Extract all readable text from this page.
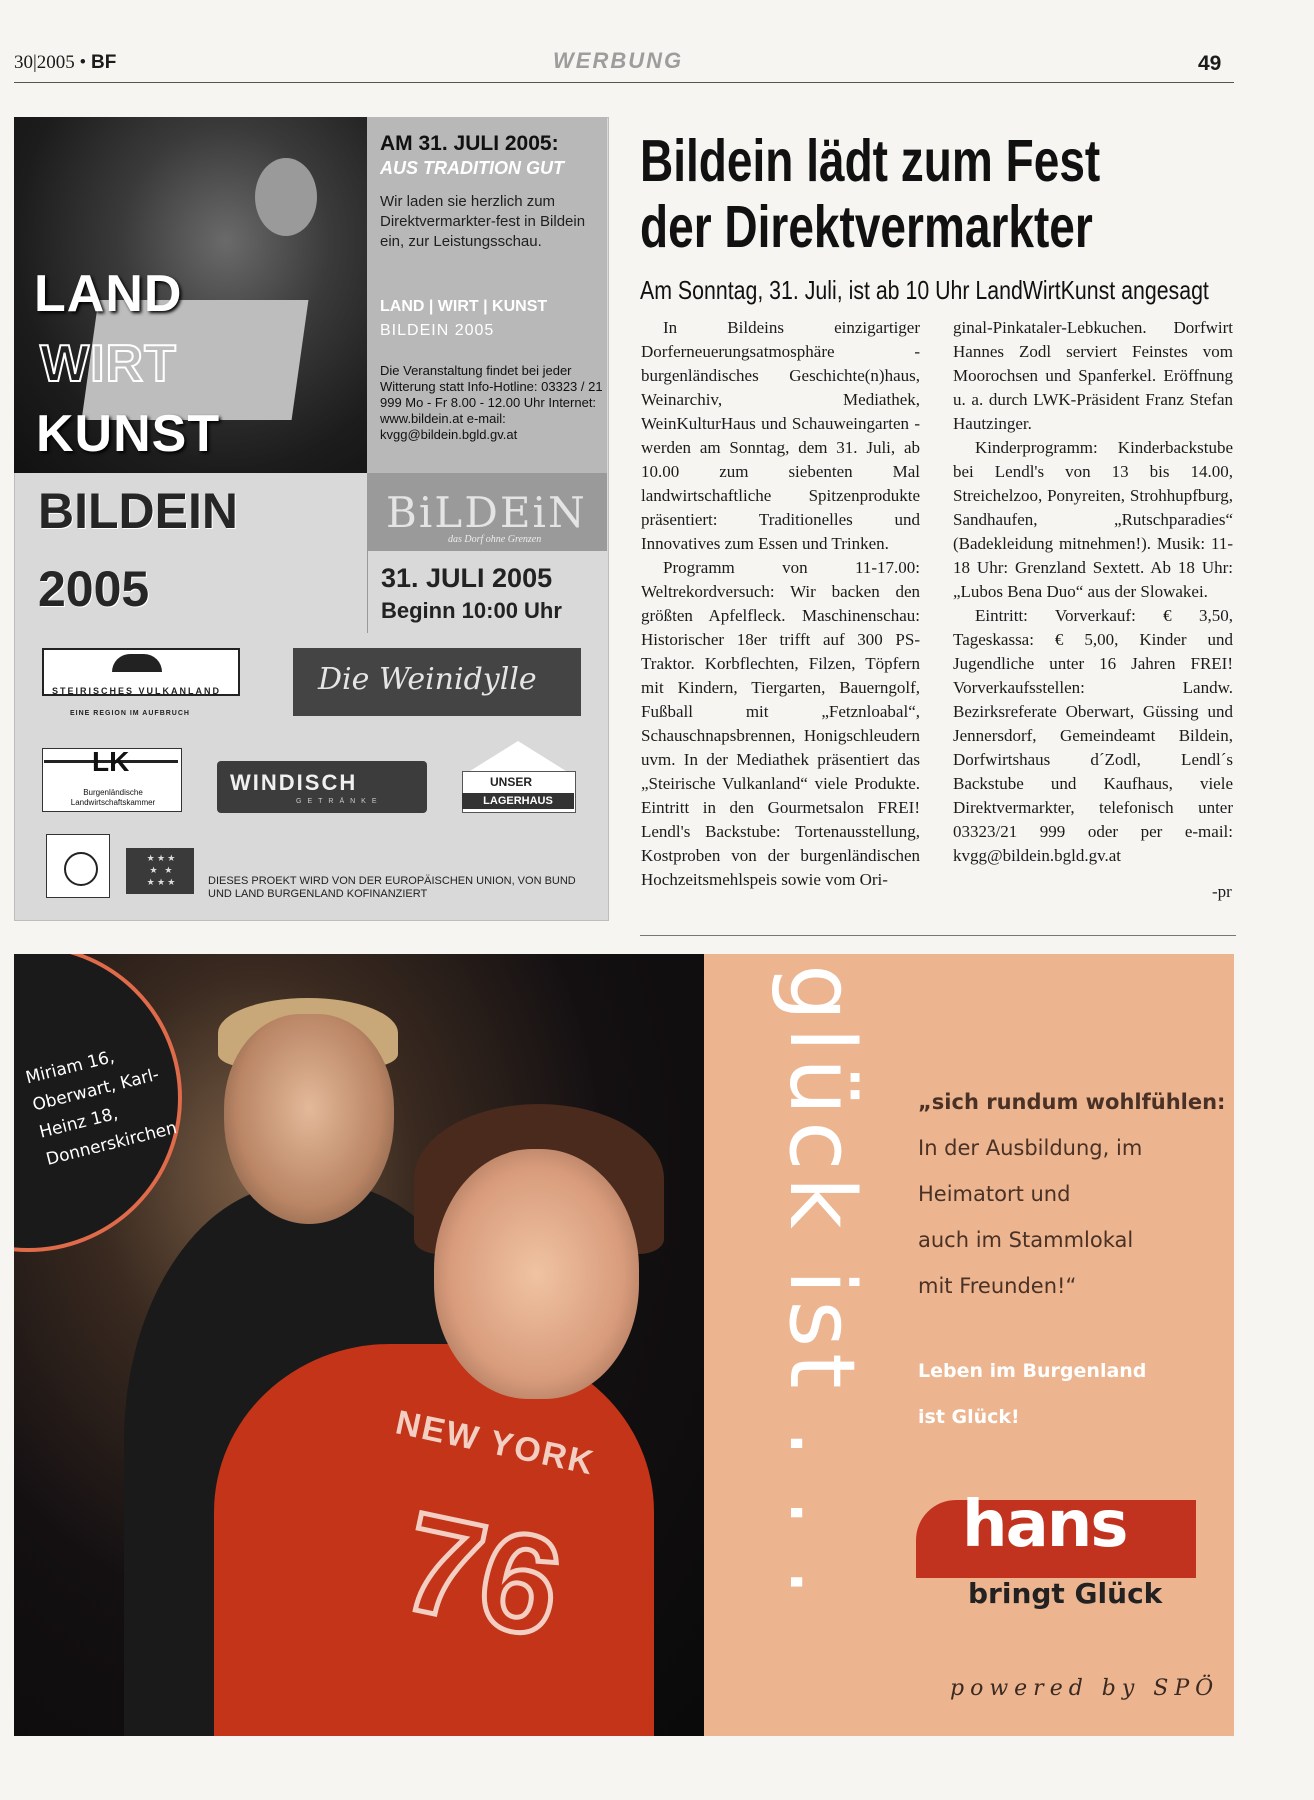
30|2005 • BF	WERBUNG	49
LAND
WIRT
KUNST
BILDEIN
2005
AM 31. JULI 2005:
AUS TRADITION GUT
Wir laden sie herzlich zum Direktvermarkter-fest in Bildein ein, zur Leistungsschau.
LAND | WIRT | KUNST
BILDEIN 2005
Die Veranstaltung findet bei jeder Witterung statt Info-Hotline: 03323 / 21 999 Mo - Fr 8.00 - 12.00 Uhr Internet: www.bildein.at e-mail: kvgg@bildein.bgld.gv.at
BiLDEiN
das Dorf ohne Grenzen
31. JULI 2005
Beginn 10:00 Uhr
STEIRISCHES VULKANLAND
EINE REGION IM AUFBRUCH
Die Weinidylle
LK
Burgenländische Landwirtschaftskammer
WINDISCH
GETRÄNKE
UNSER
LAGERHAUS
★ ★ ★
★   ★
★ ★ ★	DIESES PROEKT WIRD VON DER EUROPÄISCHEN UNION, VON BUND UND LAND BURGENLAND KOFINANZIERT
Bildein lädt zum Fest
der Direktvermarkter
Am Sonntag, 31. Juli, ist ab 10 Uhr LandWirtKunst angesagt

In Bildeins einzigartiger Dorferneuerungsatmosphäre - burgenländisches Geschichte(n)haus, Weinarchiv, Mediathek, WeinKulturHaus und Schauweingarten - werden am Sonntag, dem 31. Juli, ab 10.00 zum siebenten Mal landwirtschaftliche Spitzenprodukte präsentiert: Traditionelles und Innovatives zum Essen und Trinken.

Programm von 11-17.00: Weltrekordversuch: Wir backen den größten Apfelfleck. Maschinenschau: Historischer 18er trifft auf 300 PS-Traktor. Korbflechten, Filzen, Töpfern mit Kindern, Tiergarten, Bauerngolf, Fußball mit „Fetznloabal“, Schauschnapsbrennen, Honigschleudern uvm. In der Mediathek präsentiert das „Steirische Vulkanland“ viele Produkte. Eintritt in den Gourmetsalon FREI! Lendl's Backstube: Tortenausstellung, Kostproben von der burgenländischen Hochzeitsmehlspeis sowie vom Ori-

ginal-Pinkataler-Lebkuchen. Dorfwirt Hannes Zodl serviert Feinstes vom Moorochsen und Spanferkel. Eröffnung u. a. durch LWK-Präsident Franz Stefan Hautzinger.

Kinderprogramm: Kinderbackstube bei Lendl's von 13 bis 14.00, Streichelzoo, Ponyreiten, Strohhupfburg, Sandhaufen, „Rutschparadies“ (Badekleidung mitnehmen!). Musik: 11-18 Uhr: Grenzland Sextett. Ab 18 Uhr: „Lubos Bena Duo“ aus der Slowakei.

Eintritt: Vorverkauf: € 3,50, Tageskassa: € 5,00, Kinder und Jugendliche unter 16 Jahren FREI! Vorverkaufsstellen: Landw. Bezirksreferate Oberwart, Güssing und Jennersdorf, Gemeindeamt Bildein, Dorfwirtshaus d´Zodl, Lendl´s Backstube und Kaufhaus, viele Direktvermarkter, telefonisch unter 03323/21 999 oder per e-mail: kvgg@bildein.bgld.gv.at

-pr
NEW YORK
76
Miriam 16, Oberwart, Karl-Heinz 18, Donnerskirchen	glück ist . . . „sich rundum wohlfühlen:
In der Ausbildung, im
Heimatort und
auch im Stammlokal
mit Freunden!“
Leben im Burgenland
ist Glück!
hans
bringt Glück
powered by SPÖ
